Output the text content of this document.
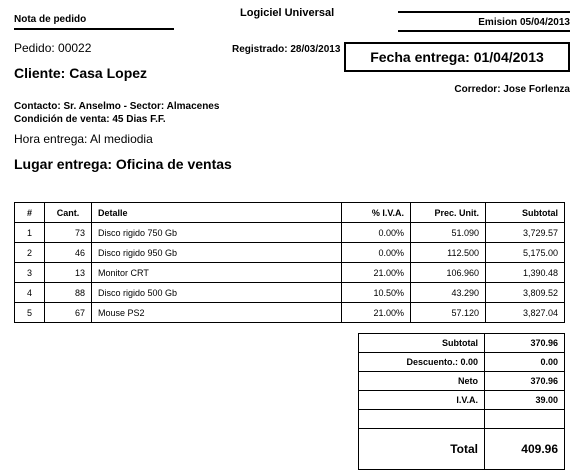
Nota de pedido
Logiciel Universal
Emision 05/04/2013
Pedido: 00022	Registrado: 28/03/2013	Fecha entrega: 01/04/2013
Cliente: Casa Lopez
Corredor: Jose Forlenza
Contacto: Sr. Anselmo - Sector: Almacenes
Condición de venta: 45 Dias F.F.
Hora entrega: Al mediodia
Lugar entrega: Oficina de ventas
#	Cant.	Detalle	% I.V.A.	Prec. Unit.	Subtotal
1	73	Disco rigido 750 Gb	0.00%	51.090	3,729.57
2	46	Disco rigido 950 Gb	0.00%	112.500	5,175.00
3	13	Monitor CRT	21.00%	106.960	1,390.48
4	88	Disco rigido 500 Gb	10.50%	43.290	3,809.52
5	67	Mouse PS2	21.00%	57.120	3,827.04
Subtotal	370.96
Descuento.: 0.00	0.00
Neto	370.96
I.V.A.	39.00

Total	409.96
